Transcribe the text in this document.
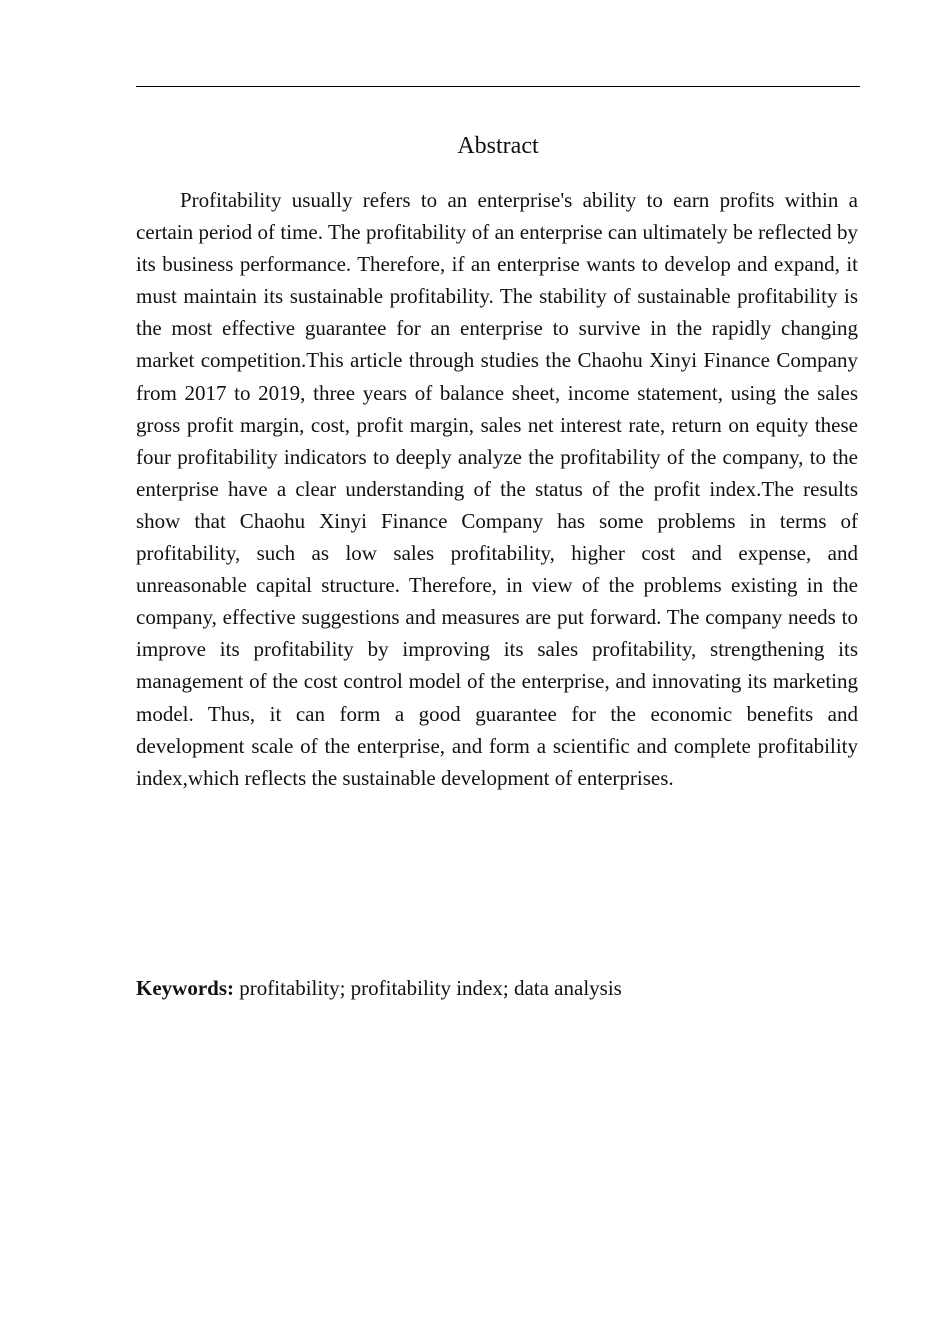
Abstract

Profitability usually refers to an enterprise's ability to earn profits within a certain period of time. The profitability of an enterprise can ultimately be reflected by its business performance. Therefore, if an enterprise wants to develop and expand, it must maintain its sustainable profitability. The stability of sustainable profitability is the most effective guarantee for an enterprise to survive in the rapidly changing market competition.This article through studies the Chaohu Xinyi Finance Company from 2017 to 2019, three years of balance sheet, income statement, using the sales gross profit margin, cost, profit margin, sales net interest rate, return on equity these four profitability indicators to deeply analyze the profitability of the company, to the enterprise have a clear understanding of the status of the profit index.The results show that Chaohu Xinyi Finance Company has some problems in terms of profitability, such as low sales profitability, higher cost and expense, and unreasonable capital structure. Therefore, in view of the problems existing in the company, effective suggestions and measures are put forward. The company needs to improve its profitability by improving its sales profitability, strengthening its management of the cost control model of the enterprise, and innovating its marketing model. Thus, it can form a good guarantee for the economic benefits and development scale of the enterprise, and form a scientific and complete profitability index,which reflects the sustainable development of enterprises.

Keywords: profitability; profitability index; data analysis
